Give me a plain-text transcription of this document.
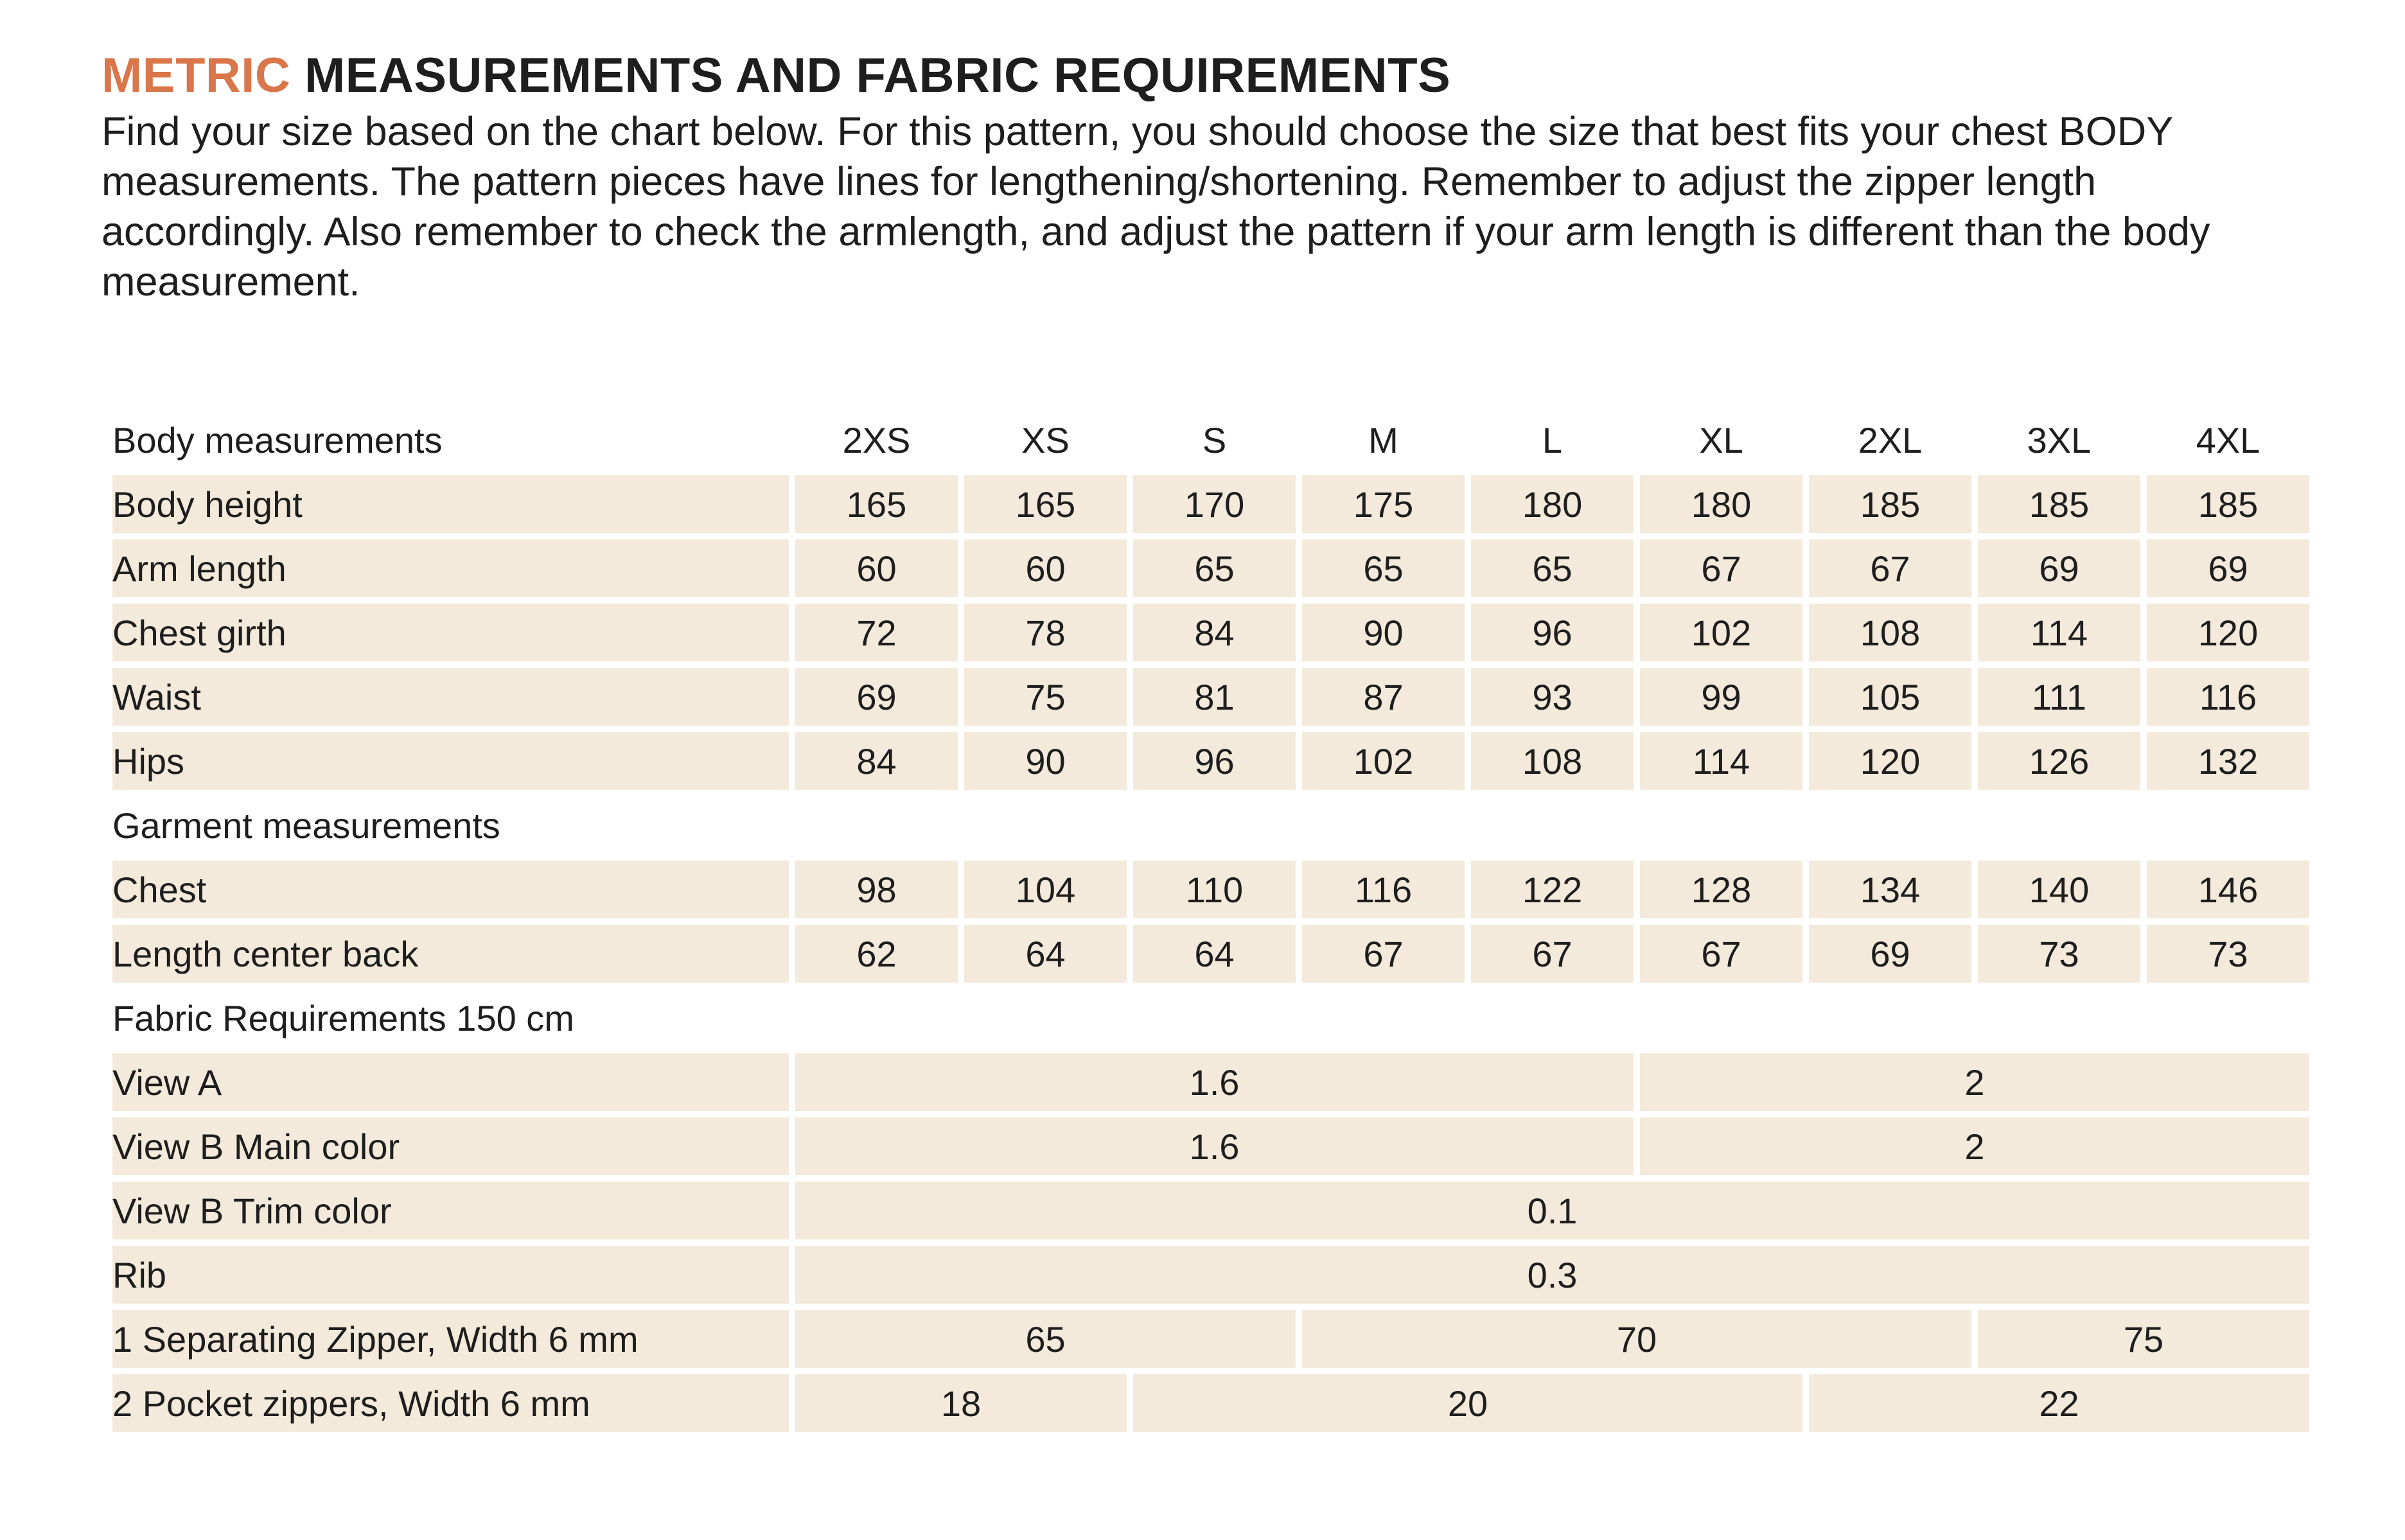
METRIC MEASUREMENTS AND FABRIC REQUIREMENTS
Find your size based on the chart below. For this pattern, you should choose the size that best fits your chest BODY measurements. The pattern pieces have lines for lengthening/shortening. Remember to adjust the zipper length accordingly. Also remember to check the armlength, and adjust the pattern if your arm length is different than the body measurement.
Body measurements	2XS	XS	S	M	L	XL	2XL	3XL	4XL
Body height	165	165	170	175	180	180	185	185	185
Arm length	60	60	65	65	65	67	67	69	69
Chest girth	72	78	84	90	96	102	108	114	120
Waist	69	75	81	87	93	99	105	111	116
Hips	84	90	96	102	108	114	120	126	132
Garment measurements									
Chest	98	104	110	116	122	128	134	140	146
Length center back	62	64	64	67	67	67	69	73	73
Fabric Requirements 150 cm									
View A	1.6					2			
View B Main color	1.6					2			
View B Trim color	0.1								
Rib	0.3								
1 Separating Zipper, Width 6 mm	65			70				75	
2 Pocket zippers, Width 6 mm	18		20				22		
